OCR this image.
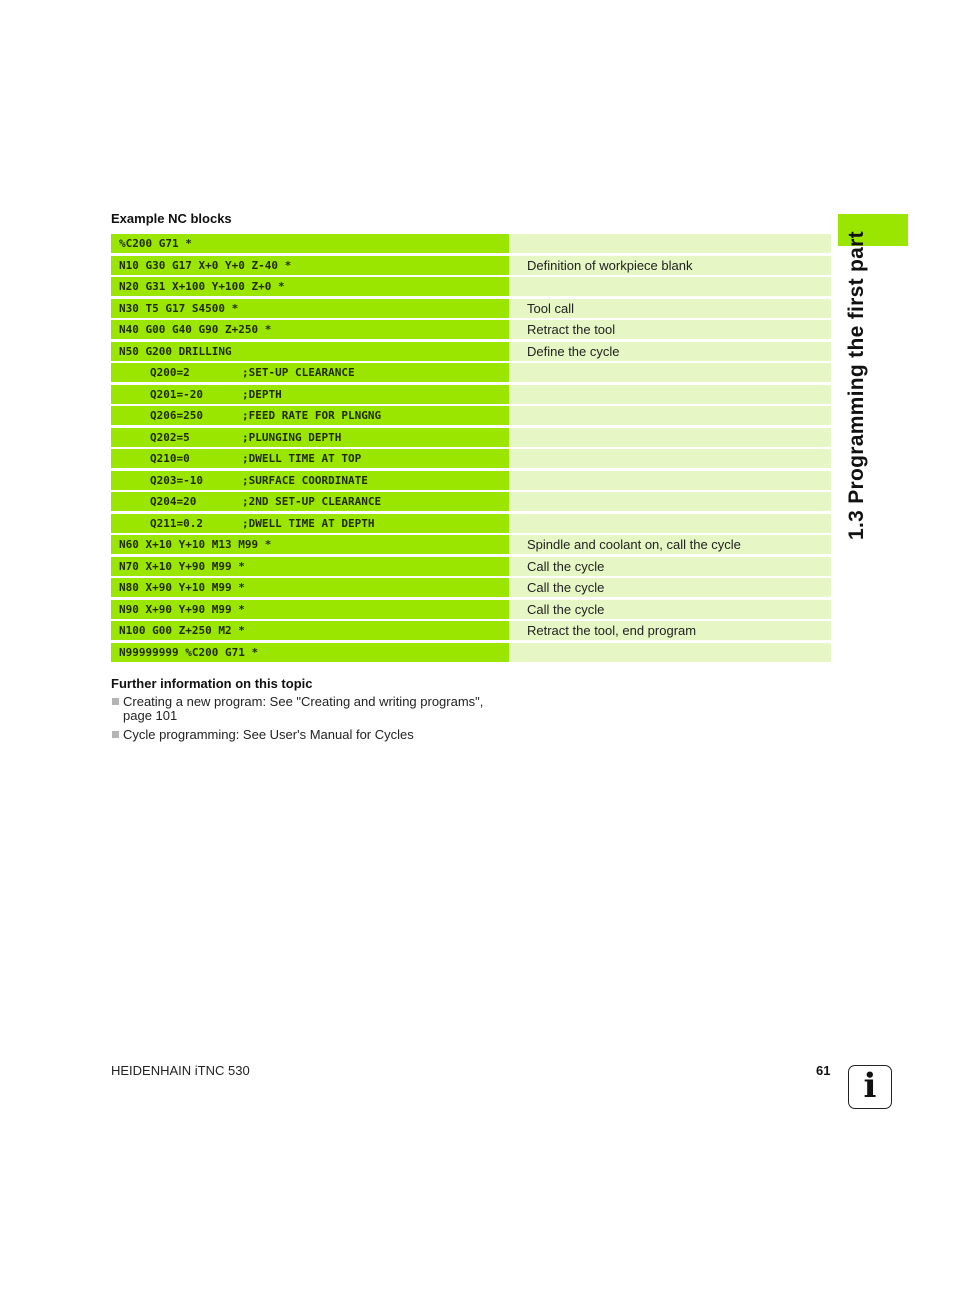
Example NC blocks
%C200 G71 *
N10 G30 G17 X+0 Y+0 Z-40 *	Definition of workpiece blank
N20 G31 X+100 Y+100 Z+0 *
N30 T5 G17 S4500 *	Tool call
N40 G00 G40 G90 Z+250 *	Retract the tool
N50 G200 DRILLING	Define the cycle
Q200=2	;SET-UP CLEARANCE
Q201=-20	;DEPTH
Q206=250	;FEED RATE FOR PLNGNG
Q202=5	;PLUNGING DEPTH
Q210=0	;DWELL TIME AT TOP
Q203=-10	;SURFACE COORDINATE
Q204=20	;2ND SET-UP CLEARANCE
Q211=0.2	;DWELL TIME AT DEPTH
N60 X+10 Y+10 M13 M99 *	Spindle and coolant on, call the cycle
N70 X+10 Y+90 M99 *	Call the cycle
N80 X+90 Y+10 M99 *	Call the cycle
N90 X+90 Y+90 M99 *	Call the cycle
N100 G00 Z+250 M2 *	Retract the tool, end program
N99999999 %C200 G71 *
Further information on this topic
Creating a new program: See "Creating and writing programs", page 101
Cycle programming: See User's Manual for Cycles
1.3 Programming the first part
HEIDENHAIN iTNC 530	61 i
